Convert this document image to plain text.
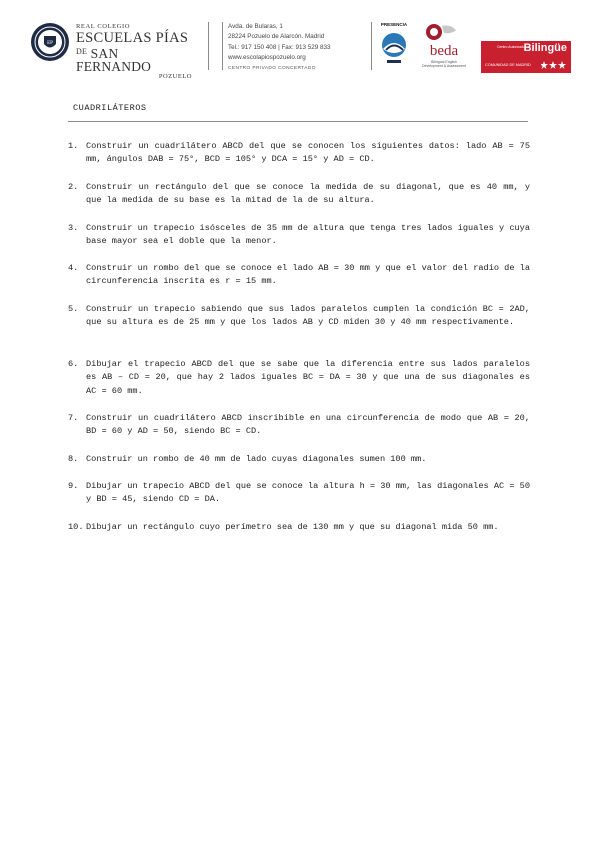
EP
REAL COLEGIO
ESCUELAS PÍAS
$^{DE}$ SAN FERNANDO
POZUELO
Avda. de Bularas, 1
28224 Pozuelo de Alarcón. Madrid
Tel.: 917 150 408 | Fax: 913 529 833
www.escolapiospozuelo.org
CENTRO PRIVADO CONCERTADO
PRESENCIA
beda
Bilingual English Development & Assessment
Centro Autorizado
Bilingüe
COMUNIDAD DE MADRID
CUADRILÁTEROS
1. Construir un cuadrilátero ABCD del que se conocen los siguientes datos: lado AB = 75 mm, ángulos DAB = 75°, BCD = 105° y DCA = 15° y AD = CD.
2. Construir un rectángulo del que se conoce la medida de su diagonal, que es 40 mm, y que la medida de su base es la mitad de la de su altura.
3. Construir un trapecio isósceles de 35 mm de altura que tenga tres lados iguales y cuya base mayor sea el doble que la menor.
4. Construir un rombo del que se conoce el lado AB = 30 mm y que el valor del radio de la circunferencia inscrita es r = 15 mm.
5. Construir un trapecio sabiendo que sus lados paralelos cumplen la condición BC = 2AD, que su altura es de 25 mm y que los lados AB y CD miden 30 y 40 mm respectivamente.
6. Dibujar el trapecio ABCD del que se sabe que la diferencia entre sus lados paralelos es AB – CD = 20, que hay 2 lados iguales BC = DA = 30 y que una de sus diagonales es AC = 60 mm.
7. Construir un cuadrilátero ABCD inscribible en una circunferencia de modo que AB = 20, BD = 60 y AD = 50, siendo BC = CD.
8. Construir un rombo de 40 mm de lado cuyas diagonales sumen 100 mm.
9. Dibujar un trapecio ABCD del que se conoce la altura h = 30 mm, las diagonales AC = 50 y BD = 45, siendo CD = DA.
10. Dibujar un rectángulo cuyo perímetro sea de 130 mm y que su diagonal mida 50 mm.
